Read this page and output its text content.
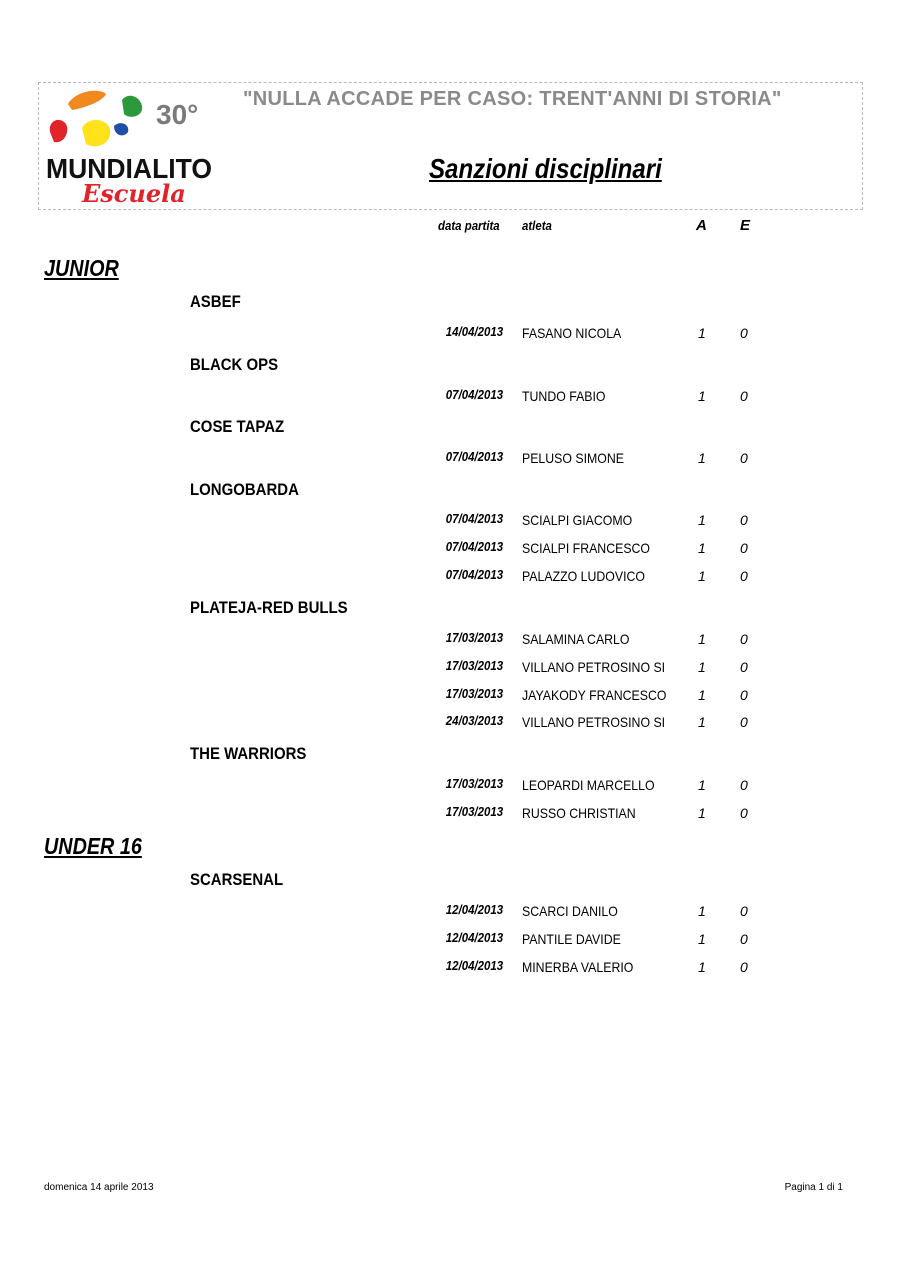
30°
MUNDIALITO
Escuela
"NULLA ACCADE PER CASO: TRENT'ANNI DI STORIA"
Sanzioni disciplinari
data partita atleta	A E
JUNIOR
ASBEF
14/04/2013 FASANO NICOLA	1 0
BLACK OPS
07/04/2013 TUNDO FABIO	1 0
COSE TAPAZ
07/04/2013 PELUSO SIMONE	1 0
LONGOBARDA
07/04/2013 SCIALPI GIACOMO	1 0
07/04/2013 SCIALPI FRANCESCO	1 0
07/04/2013 PALAZZO LUDOVICO	1 0
PLATEJA-RED BULLS
17/03/2013 SALAMINA CARLO	1 0
17/03/2013 VILLANO PETROSINO SI 1 0
17/03/2013 JAYAKODY FRANCESCO 1 0
24/03/2013 VILLANO PETROSINO SI 1 0
THE WARRIORS
17/03/2013 LEOPARDI MARCELLO	1 0
17/03/2013 RUSSO CHRISTIAN	1 0
UNDER 16
SCARSENAL
12/04/2013 SCARCI DANILO	1 0
12/04/2013 PANTILE DAVIDE	1 0
12/04/2013 MINERBA VALERIO	1 0
domenica 14 aprile 2013	Pagina 1 di 1
